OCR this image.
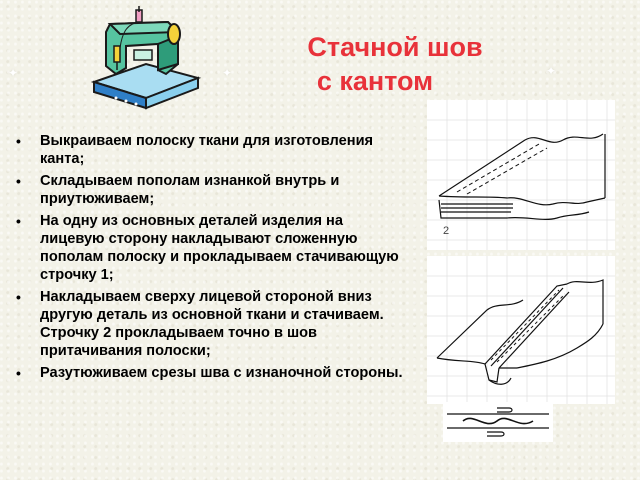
✦	✦
✦
Стачной шов
с кантом
• Выкраиваем полоску ткани для изготовления канта;
• Складываем пополам изнанкой внутрь и приутюживаем;
• На одну из основных деталей изделия на лицевую сторону накладывают сложенную пополам полоску и прокладываем стачивающую строчку 1;
• Накладываем сверху лицевой стороной вниз другую деталь из основной ткани и стачиваем. Строчку 2 прокладываем точно в шов притачивания полоски;
• Разутюживаем срезы шва с изнаночной стороны.
2
